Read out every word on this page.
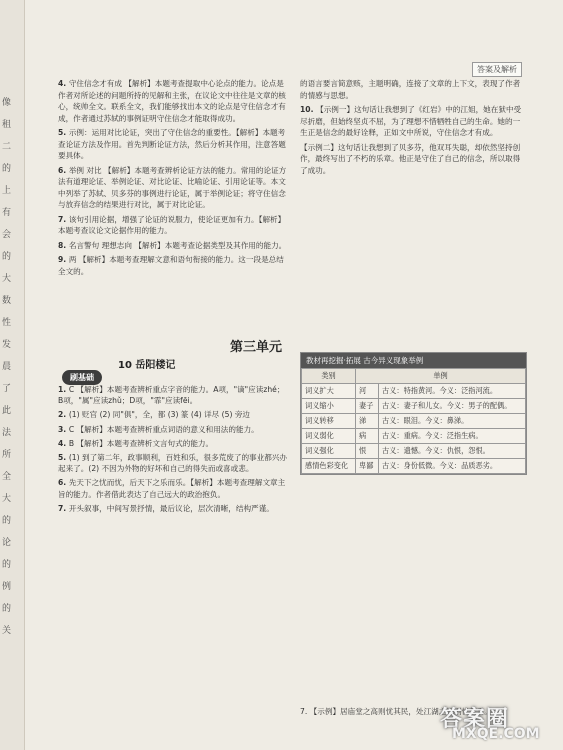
像
租
二
的
上
有
会
的
大
数
性
发
晨
了
此
法
所
全
大
的
论
的
例
的
关
答案及解析
4. 守住信念才有成 【解析】本题考查提取中心论点的能力。论点是作者对所论述的问题所持的见解和主张，在议论文中往往是文章的核心，统帅全文。联系全文，我们能够找出本文的论点是守住信念才有成，作者通过苏轼的事例证明守住信念才能取得成功。
5. 示例：运用对比论证，突出了守住信念的重要性。【解析】本题考查论证方法及作用。首先判断论证方法，然后分析其作用，注意答题要具体。
6. 举例 对比 【解析】本题考查辨析论证方法的能力。常用的论证方法有道理论证、举例论证、对比论证、比喻论证、引用论证等。本文中列举了苏轼、贝多芬的事例进行论证，属于举例论证；将守住信念与放弃信念的结果进行对比，属于对比论证。
7. 该句引用论据，增强了论证的说服力，使论证更加有力。【解析】本题考查议论文论据作用的能力。
8. 名言警句 理想志向 【解析】本题考查论据类型及其作用的能力。
9. 两 【解析】本题考查理解文意和语句衔接的能力。这一段是总结全文的。
的语言要言简意赅，主题明确，连接了文章的上下文，表现了作者的情感与思想。
10. 【示例一】这句话让我想到了《红岩》中的江姐，她在狱中受尽折磨，但始终坚贞不屈，为了理想不惜牺牲自己的生命。她的一生正是信念的最好诠释，正如文中所说，守住信念才有成。
【示例二】这句话让我想到了贝多芬，他双耳失聪，却依然坚持创作，最终写出了不朽的乐章。他正是守住了自己的信念，所以取得了成功。
第三单元
10 岳阳楼记
刷基础
1. C 【解析】本题考查辨析重点字音的能力。A项，"谪"应读zhé；B项，"属"应读zhǔ；D项，"霏"应读fēi。
2. (1) 贬官 (2) 同"俱"，全，都 (3) 篆 (4) 详尽 (5) 旁边
3. C 【解析】本题考查辨析重点词语的意义和用法的能力。
4. B 【解析】本题考查辨析文言句式的能力。
5. (1) 到了第二年，政事顺利，百姓和乐，很多荒废了的事业都兴办起来了。(2) 不因为外物的好坏和自己的得失而或喜或悲。
6. 先天下之忧而忧，后天下之乐而乐。【解析】本题考查理解文章主旨的能力。作者借此表达了自己远大的政治抱负。
7. 开头叙事，中间写景抒情，最后议论，层次清晰，结构严谨。
教材再挖掘·拓展 古今异义现象举例
类别	单例	
词义扩大	河	古义：特指黄河。今义：泛指河流。
词义缩小	妻子	古义：妻子和儿女。今义：男子的配偶。
词义转移	涕	古义：眼泪。今义：鼻涕。
词义弱化	病	古义：重病。今义：泛指生病。
词义强化	恨	古义：遗憾。今义：仇恨，怨恨。
感情色彩变化	卑鄙	古义：身份低微。今义：品质恶劣。
7. 【示例】居庙堂之高则忧其民，处江湖之远则忧其君。
答案圈
MXQE.COM
